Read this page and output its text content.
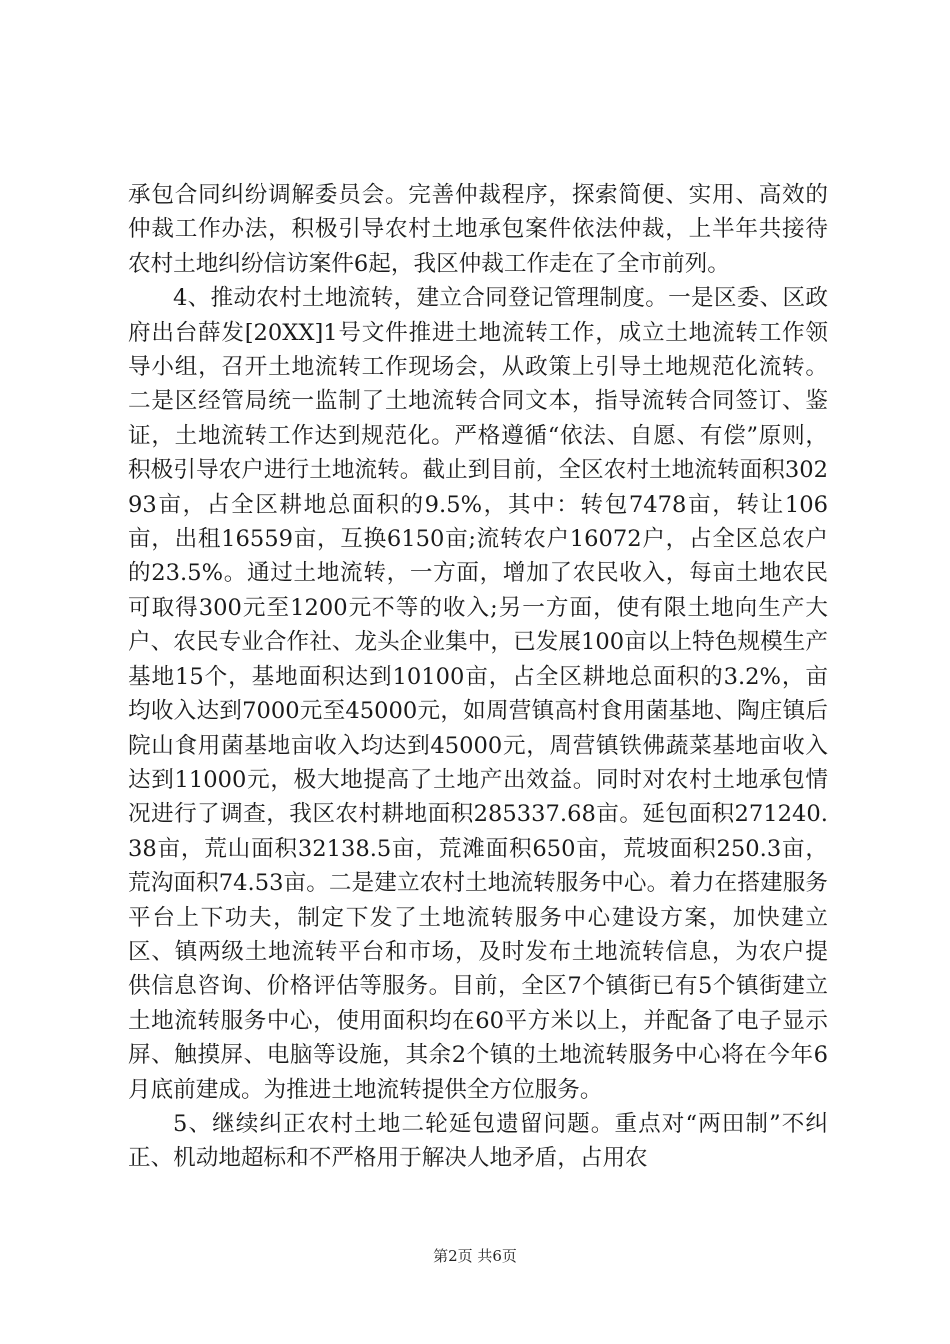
承包合同纠纷调解委员会。完善仲裁程序，探索简便、实用、高效的仲裁工作办法，积极引导农村土地承包案件依法仲裁，上半年共接待农村土地纠纷信访案件6起，我区仲裁工作走在了全市前列。

4、推动农村土地流转，建立合同登记管理制度。一是区委、区政府出台薛发[20XX]1号文件推进土地流转工作，成立土地流转工作领导小组，召开土地流转工作现场会，从政策上引导土地规范化流转。二是区经管局统一监制了土地流转合同文本，指导流转合同签订、鉴证，土地流转工作达到规范化。严格遵循“依法、自愿、有偿”原则，积极引导农户进行土地流转。截止到目前，全区农村土地流转面积30293亩，占全区耕地总面积的9.5%，其中：转包7478亩，转让106亩，出租16559亩，互换6150亩;流转农户16072户，占全区总农户的23.5%。通过土地流转，一方面，增加了农民收入，每亩土地农民可取得300元至1200元不等的收入;另一方面，使有限土地向生产大户、农民专业合作社、龙头企业集中，已发展100亩以上特色规模生产基地15个，基地面积达到10100亩，占全区耕地总面积的3.2%，亩均收入达到7000元至45000元，如周营镇高村食用菌基地、陶庄镇后院山食用菌基地亩收入均达到45000元，周营镇铁佛蔬菜基地亩收入达到11000元，极大地提高了土地产出效益。同时对农村土地承包情况进行了调查，我区农村耕地面积285337.68亩。延包面积271240.38亩，荒山面积32138.5亩，荒滩面积650亩，荒坡面积250.3亩，荒沟面积74.53亩。二是建立农村土地流转服务中心。着力在搭建服务平台上下功夫，制定下发了土地流转服务中心建设方案，加快建立区、镇两级土地流转平台和市场，及时发布土地流转信息，为农户提供信息咨询、价格评估等服务。目前，全区7个镇街已有5个镇街建立土地流转服务中心，使用面积均在60平方米以上，并配备了电子显示屏、触摸屏、电脑等设施，其余2个镇的土地流转服务中心将在今年6月底前建成。为推进土地流转提供全方位服务。

5、继续纠正农村土地二轮延包遗留问题。重点对“两田制”不纠正、机动地超标和不严格用于解决人地矛盾，占用农

第2页 共6页
